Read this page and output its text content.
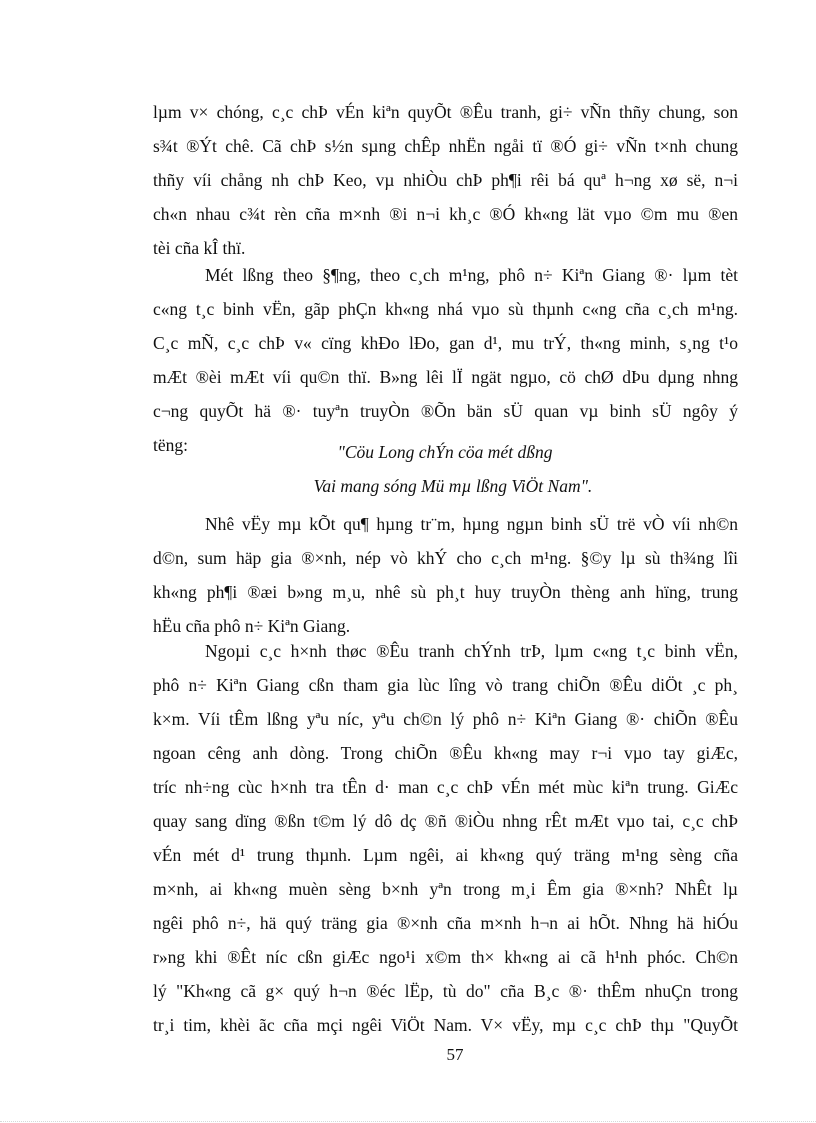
lµm v× chóng, c¸c chÞ vÉn kiªn quyÕt ®Êu tranh, gi÷ vÑn thñy chung, son
s¾t ®Ýt chê. Cã chÞ s½n sµng chÊp nhËn ngåi tï ®Ó gi÷ vÑn t×nh chung
thñy víi chång nh chÞ Keo, vµ nhiÒu chÞ ph¶i rêi bá quª h¬ng xø së, n¬i
ch«n nhau c¾t rèn cña m×nh ®i n¬i kh¸c ®Ó kh«ng lät vµo ©m mu ®en
tèi cña kÎ thï.
Mét lßng theo §¶ng, theo c¸ch m¹ng, phô n÷ Kiªn Giang ®· lµm tèt
c«ng t¸c binh vËn, gãp phÇn kh«ng nhá vµo sù thµnh c«ng cña c¸ch m¹ng.
C¸c mÑ, c¸c chÞ v« cïng khÐo lÐo, gan d¹, mu trÝ, th«ng minh, s¸ng t¹o
mÆt ®èi mÆt víi qu©n thï. B»ng lêi lÏ ngät ngµo, cö chØ dÞu dµng nhng
c¬ng quyÕt hä ®· tuyªn truyÒn ®Õn bän sÜ quan vµ binh sÜ ngôy ý
tëng:	"Cöu Long chÝn cöa mét dßng
Vai mang sóng Mü mµ lßng ViÖt Nam".
Nhê vËy mµ kÕt qu¶ hµng tr¨m, hµng ngµn binh sÜ trë vÒ víi nh©n
d©n, sum häp gia ®×nh, nép vò khÝ cho c¸ch m¹ng. §©y lµ sù th¾ng lîi
kh«ng ph¶i ®æi b»ng m¸u, nhê sù ph¸t huy truyÒn thèng anh hïng, trung
hËu cña phô n÷ Kiªn Giang.
Ngoµi c¸c h×nh thøc ®Êu tranh chÝnh trÞ, lµm c«ng t¸c binh vËn,
phô n÷ Kiªn Giang cßn tham gia lùc lîng vò trang chiÕn ®Êu diÖt ¸c ph¸
k×m. Víi tÊm lßng yªu níc, yªu ch©n lý phô n÷ Kiªn Giang ®· chiÕn ®Êu
ngoan cêng anh dòng. Trong chiÕn ®Êu kh«ng may r¬i vµo tay giÆc,
tríc nh÷ng cùc h×nh tra tÊn d· man c¸c chÞ vÉn mét mùc kiªn trung. GiÆc
quay sang dïng ®ßn t©m lý dô dç ®ñ ®iÒu nhng rÊt mÆt vµo tai, c¸c chÞ
vÉn mét d¹ trung thµnh. Lµm ngêi, ai kh«ng quý träng m¹ng sèng cña
m×nh, ai kh«ng muèn sèng b×nh yªn trong m¸i Êm gia ®×nh? NhÊt lµ
ngêi phô n÷, hä quý träng gia ®×nh cña m×nh h¬n ai hÕt. Nhng hä hiÓu
r»ng khi ®Êt níc cßn giÆc ngo¹i x©m th× kh«ng ai cã h¹nh phóc. Ch©n
lý "Kh«ng cã g× quý h¬n ®éc lËp, tù do" cña B¸c ®· thÊm nhuÇn trong
tr¸i tim, khèi ãc cña mçi ngêi ViÖt Nam. V× vËy, mµ c¸c chÞ thµ "QuyÕt
57
